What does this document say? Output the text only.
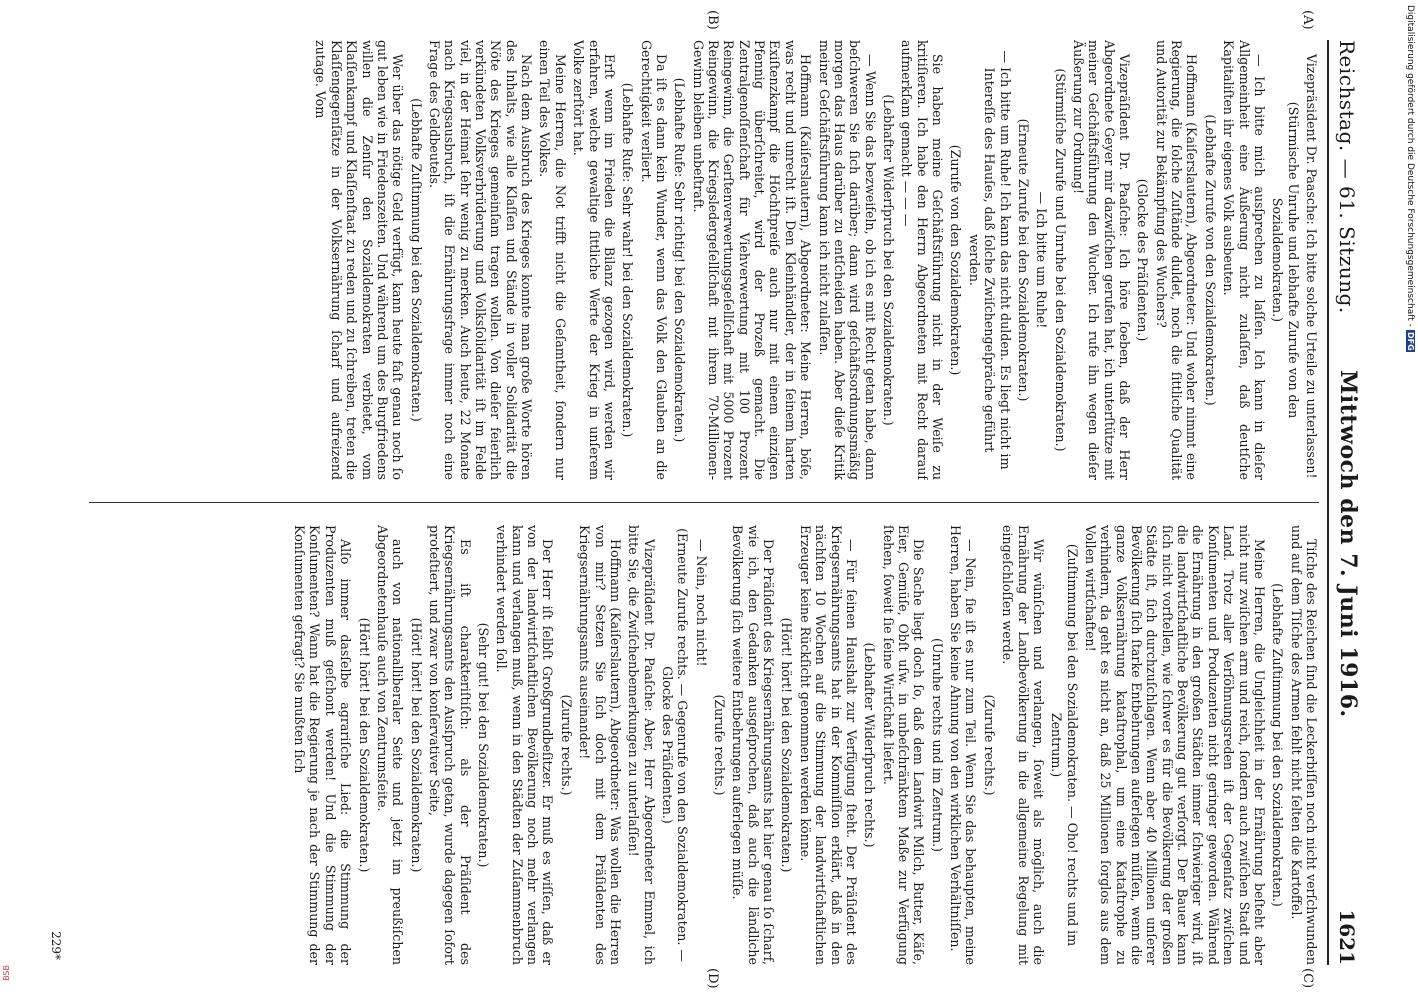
Reichstag. — 61. Sitzung.
Mittwoch den 7. Juni 1916.
1621
(A)
(B)
(C)
(D)

Vizepräsident Dr. Paasche: Ich bitte solche Urteile zu unterlassen!

(Stürmische Unruhe und lebhafte Zurufe von den Sozialdemokraten.)

— Ich bitte mich ausſprechen zu laſſen. Ich kann in dieſer Allgemeinheit eine Äußerung nicht zulaſſen, daß deutſche Kapitaliſten ihr eigenes Volk ausbeuten.

(Lebhafte Zurufe von den Sozialdemokraten.)

Hoffmann (Kaiſerslautern), Abgeordneter: Und woher nimmt eine Regierung, die ſolche Zuſtände duldet, noch die ſittliche Qualität und Autorität zur Bekämpfung des Wuchers?

(Glocke des Präſidenten.)

Vizepräſident Dr. Paaſche: Ich höre ſoeben, daß der Herr Abgeordnete Geyer mir dazwiſchen gerufen hat, ich unterſtütze mit meiner Geſchäftsführung den Wucher. Ich rufe ihn wegen dieſer Äußerung zur Ordnung!

(Stürmiſche Zurufe und Unruhe bei den Sozialdemokraten.)

— Ich bitte um Ruhe!

(Erneute Zurufe bei den Sozialdemokraten.)

— Ich bitte um Ruhe! Ich kann das nicht dulden. Es liegt nicht im Intereſſe des Hauſes, daß ſolche Zwiſchengeſpräche geführt werden.

(Zurufe von den Sozialdemokraten.)

Sie haben meine Geſchäftsführung nicht in der Weiſe zu kritiſieren. Ich habe den Herrn Abgeordneten mit Recht darauf aufmerkſam gemacht — — —

(Lebhafter Widerſpruch bei den Sozialdemokraten.)

— Wenn Sie das bezweifeln, ob ich es mit Recht getan habe, dann beſchweren Sie ſich darüber; dann wird geſchäftsordnungsmäßig morgen das Haus darüber zu entſcheiden haben. Aber dieſe Kritik meiner Geſchäftsführung kann ich nicht zulaſſen.

Hoffmann (Kaiſerslautern), Abgeordneter: Meine Herren, böſe, was recht und unrecht iſt. Den Kleinhändler, der in ſeinem harten Exiſtenzkampf die Höchſtpreiſe auch nur mit einem einzigen Pfennig überſchreitet, wird der Prozeß gemacht. Die Zentralgenoſſenſchaft für Viehverwertung mit 100 Prozent Reingewinn, die Gerſtenverwertungsgeſellſchaft mit 5000 Prozent Reingewinn, die Kriegsledergeſellſchaft mit ihrem 70-Millionen-Gewinn bleiben unbeſtraft.

(Lebhafte Rufe: Sehr richtig! bei den Sozialdemokraten.)

Da iſt es dann kein Wunder, wenn das Volk den Glauben an die Gerechtigkeit verliert.

(Lebhafte Rufe: Sehr wahr! bei den Sozialdemokraten.)

Erſt wenn im Frieden die Bilanz gezogen wird, werden wir erfahren, welche gewaltige ſittliche Werte der Krieg in unſerem Volke zerſtört hat.

Meine Herren, die Not trifft nicht die Geſamtheit, ſondern nur einen Teil des Volkes.

Nach dem Ausbruch des Krieges konnte man große Worte hören des Inhalts, wie alle Klaſſen und Stände in voller Solidarität die Nöte des Krieges gemeinſam tragen wollen. Von dieſer feierlich verkündeten Volksverbrüderung und Volksſolidarität iſt im Felde viel, in der Heimat ſehr wenig zu merken. Auch heute, 22 Monate nach Kriegsausbruch, iſt die Ernährungsfrage immer noch eine Frage des Geldbeutels.

(Lebhafte Zuſtimmung bei den Sozialdemokraten.)

Wer über das nötige Geld verfügt, kann heute faſt genau noch ſo gut leben wie in Friedenszeiten. Und während um des Burgfriedens willen die Zenſur den Sozialdemokraten verbietet, vom Klaſſenkampf und Klaſſenſtaat zu reden und zu ſchreiben, treten die Klaſſengegenſätze in der Volksernährung ſcharf und aufreizend zutage. Vom

Tiſche des Reichen ſind die Leckerbiſſen noch nicht verſchwunden und auf dem Tiſche des Armen fehlt nicht ſelten die Kartoffel.

(Lebhafte Zuſtimmung bei den Sozialdemokraten.)

Meine Herren, die Ungleichheit in der Ernährung beſteht aber nicht nur zwiſchen arm und reich, ſondern auch zwiſchen Stadt und Land. Trotz aller Verſöhnungsreden iſt der Gegenſatz zwiſchen Konſumenten und Produzenten nicht geringer geworden. Während die Ernährung in den großen Städten immer ſchwieriger wird, iſt die landwirtſchaftliche Bevölkerung gut verſorgt. Der Bauer kann ſich nicht vorſtellen, wie ſchwer es für die Bevölkerung der großen Städte iſt, ſich durchzuſchlagen. Wenn aber 40 Millionen unſerer Bevölkerung ſich ſtarke Entbehrungen auferlegen müſſen, wenn die ganze Volksernährung kataſtrophal, um eine Kataſtrophe zu verhindern, da geht es nicht an, daß 25 Millionen ſorglos aus dem Vollen wirtſchaften!

(Zuſtimmung bei den Sozialdemokraten. — Oho! rechts und im Zentrum.)

Wir wünſchen und verlangen, ſoweit als möglich, auch die Ernährung der Landbevölkerung in die allgemeine Regelung mit eingeſchloſſen werde.

(Zurufe rechts.)

— Nein, ſie iſt es nur zum Teil. Wenn Sie das behaupten, meine Herren, haben Sie keine Ahnung von den wirklichen Verhältniſſen.

(Unruhe rechts und im Zentrum.)

Die Sache liegt doch ſo, daß dem Landwirt Milch, Butter, Käſe, Eier, Gemüſe, Obſt uſw. in unbeſchränktem Maße zur Verfügung ſtehen, ſoweit ſie ſeine Wirtſchaft liefert.

(Lebhafter Widerſpruch rechts.)

— Für ſeinen Haushalt zur Verfügung ſteht. Der Präſident des Kriegsernährungsamts hat in der Kommiſſion erklärt, daß in den nächſten 10 Wochen auf die Stimmung der landwirtſchaftlichen Erzeuger keine Rückſicht genommen werden könne.

(Hört! hört! bei den Sozialdemokraten.)

Der Präſident des Kriegsernährungsamts hat hier genau ſo ſcharf, wie ich, den Gedanken ausgeſprochen, daß auch die ländliche Bevölkerung ſich weitere Entbehrungen auferlegen müſſe.

(Zurufe rechts.)

— Nein, noch nicht!

(Erneute Zurufe rechts. — Gegenrufe von den Sozialdemokraten. — Glocke des Präſidenten.)

Vizepräſident Dr. Paaſche: Aber, Herr Abgeordneter Emmel, ich bitte Sie, die Zwiſchenbemerkungen zu unterlaſſen!

Hoffmann (Kaiſerslautern), Abgeordneter: Was wollen die Herren von mir? Setzen Sie ſich doch mit dem Präſidenten des Kriegsernährungsamts auseinander!

(Zurufe rechts.)

Der Herr iſt ſelbſt Großgrundbeſitzer. Er muß es wiſſen, daß er von der landwirtſchaftlichen Bevölkerung noch mehr verlangen kann und verlangen muß, wenn in den Städten der Zuſammenbruch verhindert werden ſoll.

(Sehr gut! bei den Sozialdemokraten.)

Es iſt charakteriſtiſch: als der Präſident des Kriegsernährungsamts den Ausſpruch getan, wurde dagegen ſofort proteſtiert, und zwar von konſervativer Seite,

(Hört! hört! bei den Sozialdemokraten.)

auch von nationalliberaler Seite und jetzt im preußiſchen Abgeordnetenhauſe auch von Zentrumsſeite.

(Hört! hört! bei den Sozialdemokraten.)

Alſo immer dasſelbe agrariſche Lied: die Stimmung der Produzenten muß geſchont werden! Und die Stimmung der Konſumenten? Wann hat die Regierung je nach der Stimmung der Konſumenten gefragt? Sie mußten ſich

229*
Digitalisierung gefördert durch die Deutsche Forschungsgemeinschaft - DFG
BSB
